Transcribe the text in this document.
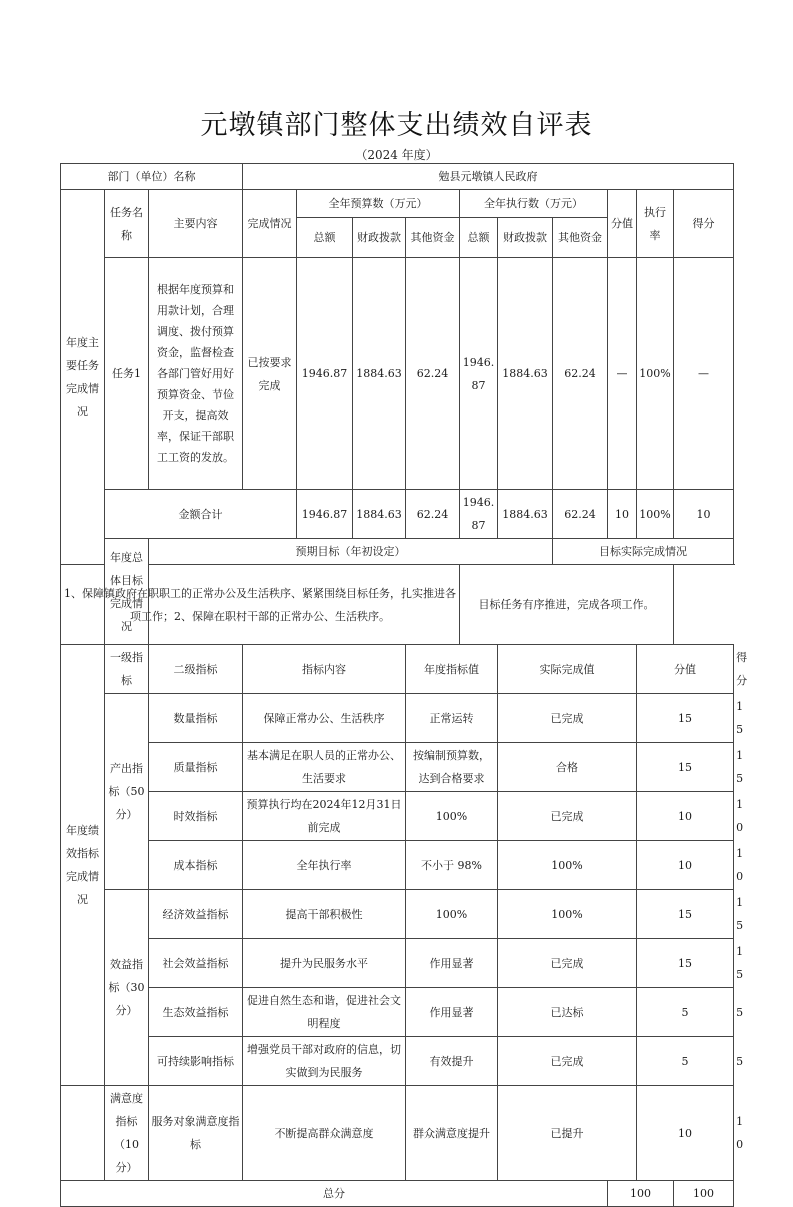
元墩镇部门整体支出绩效自评表
（2024 年度）
部门（单位）名称			勉县元墩镇人民政府										
年度主要任务完成情况	任务名称	主要内容	完成情况	全年预算数（万元）			全年执行数（万元）			分值	执行率	得分	
				总额	财政拨款	其他资金	总额	财政拨款	其他资金				
	任务1	根据年度预算和用款计划，合理调度、拨付预算资金，监督检查各部门管好用好预算资金、节俭开支，提高效率，保证干部职工工资的发放。	已按要求完成	1946.87	1884.63	62.24	1946.87	1884.63	62.24	—	100%	—	
	金额合计			1946.87	1884.63	62.24	1946.87	1884.63	62.24	10	100%	10	
	年度总体目标完成情况	预期目标（年初设定）							目标实际完成情况				
1、保障镇政府在职职工的正常办公及生活秩序、紧紧围绕目标任务，扎实推进各项工作；2、保障在职村干部的正常办公、生活秩序。							目标任务有序推进，完成各项工作。						
年度绩效指标完成情况	一级指标	二级指标	指标内容			年度指标值		实际完成值			分值		得分
	产出指标（50分）	数量指标	保障正常办公、生活秩序			正常运转		已完成			15		15
		质量指标	基本满足在职人员的正常办公、生活要求			按编制预算数，达到合格要求		合格			15		15
		时效指标	预算执行均在2024年12月31日前完成			100%		已完成			10		10
		成本指标	全年执行率			不小于 98%		100%			10		10
	效益指标（30分）	经济效益指标	提高干部积极性			100%		100%			15		15
		社会效益指标	提升为民服务水平			作用显著		已完成			15		15
		生态效益指标	促进自然生态和谐，促进社会文明程度			作用显著		已达标			5		5
		可持续影响指标	增强党员干部对政府的信息，切实做到为民服务			有效提升		已完成			5		5
	满意度指标（10分）	服务对象满意度指标	不断提高群众满意度			群众满意度提升		已提升			10		10
总分										100		100	
